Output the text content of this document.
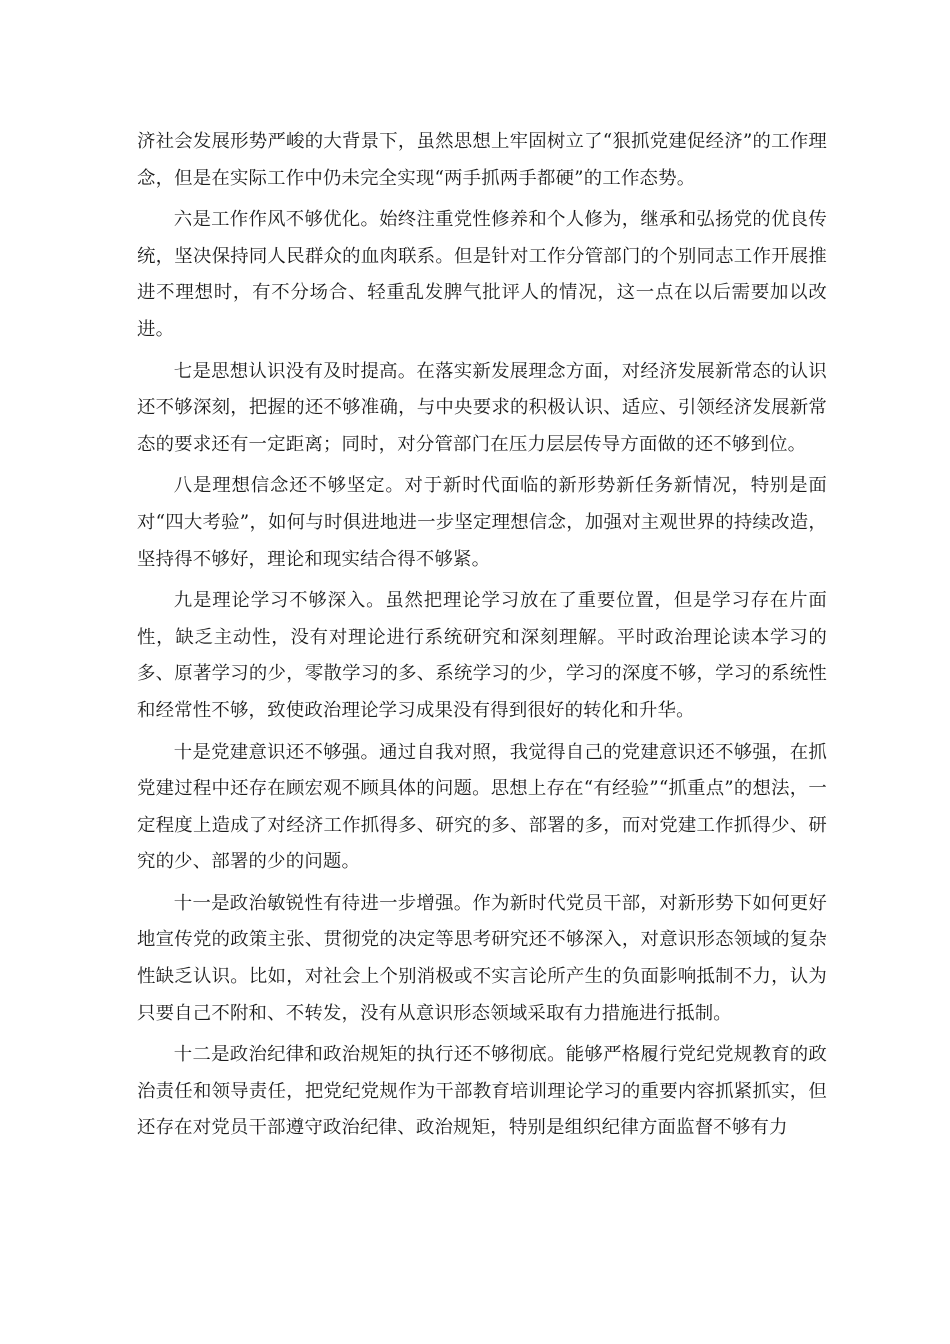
济社会发展形势严峻的大背景下，虽然思想上牢固树立了“狠抓党建促经济”的工作理念，但是在实际工作中仍未完全实现“两手抓两手都硬”的工作态势。

六是工作作风不够优化。始终注重党性修养和个人修为，继承和弘扬党的优良传统，坚决保持同人民群众的血肉联系。但是针对工作分管部门的个别同志工作开展推进不理想时，有不分场合、轻重乱发脾气批评人的情况，这一点在以后需要加以改进。

七是思想认识没有及时提高。在落实新发展理念方面，对经济发展新常态的认识还不够深刻，把握的还不够准确，与中央要求的积极认识、适应、引领经济发展新常态的要求还有一定距离；同时，对分管部门在压力层层传导方面做的还不够到位。

八是理想信念还不够坚定。对于新时代面临的新形势新任务新情况，特别是面对“四大考验”，如何与时俱进地进一步坚定理想信念，加强对主观世界的持续改造，坚持得不够好，理论和现实结合得不够紧。

九是理论学习不够深入。虽然把理论学习放在了重要位置，但是学习存在片面性，缺乏主动性，没有对理论进行系统研究和深刻理解。平时政治理论读本学习的多、原著学习的少，零散学习的多、系统学习的少，学习的深度不够，学习的系统性和经常性不够，致使政治理论学习成果没有得到很好的转化和升华。

十是党建意识还不够强。通过自我对照，我觉得自己的党建意识还不够强，在抓党建过程中还存在顾宏观不顾具体的问题。思想上存在“有经验”“抓重点”的想法，一定程度上造成了对经济工作抓得多、研究的多、部署的多，而对党建工作抓得少、研究的少、部署的少的问题。

十一是政治敏锐性有待进一步增强。作为新时代党员干部，对新形势下如何更好地宣传党的政策主张、贯彻党的决定等思考研究还不够深入，对意识形态领域的复杂性缺乏认识。比如，对社会上个别消极或不实言论所产生的负面影响抵制不力，认为只要自己不附和、不转发，没有从意识形态领域采取有力措施进行抵制。

十二是政治纪律和政治规矩的执行还不够彻底。能够严格履行党纪党规教育的政治责任和领导责任，把党纪党规作为干部教育培训理论学习的重要内容抓紧抓实，但还存在对党员干部遵守政治纪律、政治规矩，特别是组织纪律方面监督不够有力
